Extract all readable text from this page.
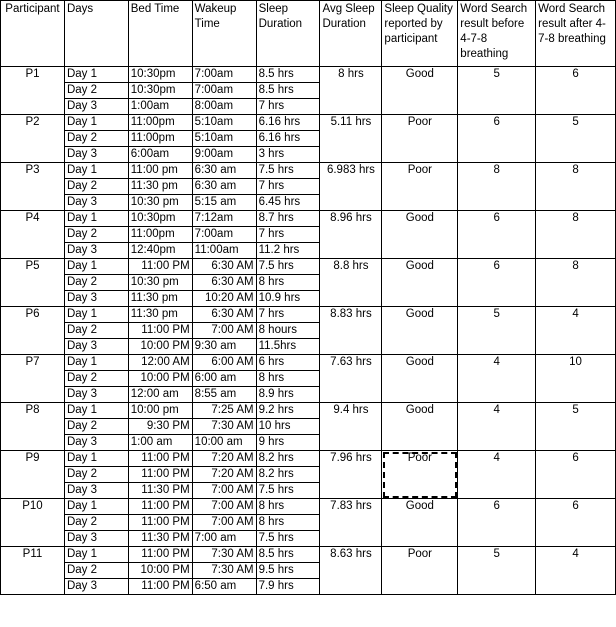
Participant	Days	Bed Time	Wakeup Time	Sleep Duration	Avg Sleep Duration	Sleep Quality reported by participant	Word Search result before 4-7-8 breathing	Word Search result after 4-7-8 breathing
P1	Day 1	10:30pm	7:00am	8.5 hrs	8 hrs	Good	5	6
	Day 2	10:30pm	7:00am	8.5 hrs				
	Day 3	1:00am	8:00am	7 hrs				
P2	Day 1	11:00pm	5:10am	6.16 hrs	5.11 hrs	Poor	6	5
	Day 2	11:00pm	5:10am	6.16 hrs				
	Day 3	6:00am	9:00am	3 hrs				
P3	Day 1	11:00 pm	6:30 am	7.5 hrs	6.983 hrs	Poor	8	8
	Day 2	11:30 pm	6:30 am	7 hrs				
	Day 3	10:30 pm	5:15 am	6.45 hrs				
P4	Day 1	10:30pm	7:12am	8.7 hrs	8.96 hrs	Good	6	8
	Day 2	11:00pm	7:00am	7 hrs				
	Day 3	12:40pm	11:00am	11.2 hrs				
P5	Day 1	11:00 PM	6:30 AM	7.5 hrs	8.8 hrs	Good	6	8
	Day 2	10:30 pm	6:30 AM	8 hrs				
	Day 3	11:30 pm	10:20 AM	10.9 hrs				
P6	Day 1	11:30 pm	6:30 AM	7 hrs	8.83 hrs	Good	5	4
	Day 2	11:00 PM	7:00 AM	8 hours				
	Day 3	10:00 PM	9:30 am	11.5hrs				
P7	Day 1	12:00 AM	6:00 AM	6 hrs	7.63 hrs	Good	4	10
	Day 2	10:00 PM	6:00 am	8 hrs				
	Day 3	12:00 am	8:55 am	8.9 hrs				
P8	Day 1	10:00 pm	7:25 AM	9.2 hrs	9.4 hrs	Good	4	5
	Day 2	9:30 PM	7:30 AM	10 hrs				
	Day 3	1:00 am	10:00 am	9 hrs				
P9	Day 1	11:00 PM	7:20 AM	8.2 hrs	7.96 hrs	Poor	4	6
	Day 2	11:00 PM	7:20 AM	8.2 hrs				
	Day 3	11:30 PM	7:00 AM	7.5 hrs				
P10	Day 1	11:00 PM	7:00 AM	8 hrs	7.83 hrs	Good	6	6
	Day 2	11:00 PM	7:00 AM	8 hrs				
	Day 3	11:30 PM	7:00 am	7.5 hrs				
P11	Day 1	11:00 PM	7:30 AM	8.5 hrs	8.63 hrs	Poor	5	4
	Day 2	10:00 PM	7:30 AM	9.5 hrs				
	Day 3	11:00 PM	6:50 am	7.9 hrs				
